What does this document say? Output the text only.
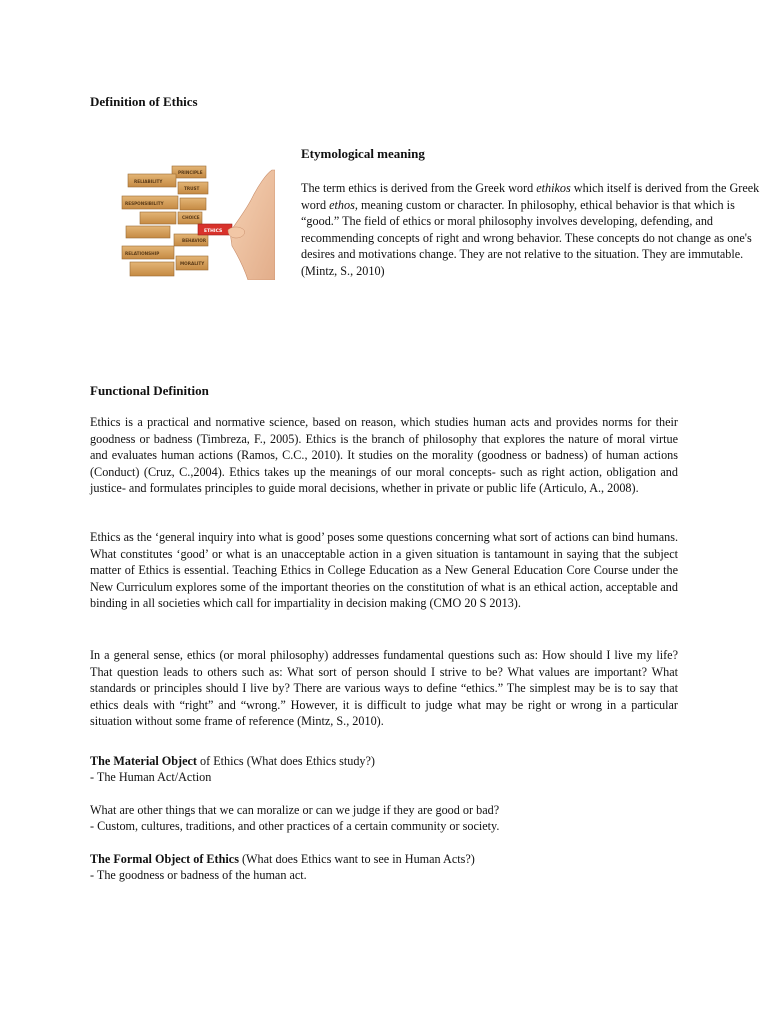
Definition of Ethics
Etymological meaning
RELIABILITY
PRINCIPLE
TRUST
RESPONSIBILITY
CHOICE
BEHAVIOR
RELATIONSHIP
MORALITY
ETHICS
The term ethics is derived from the Greek word ethikos which itself is derived from the Greek
word ethos, meaning custom or character. In philosophy, ethical behavior is that which is
“good.” The field of ethics or moral philosophy involves developing, defending, and
recommending concepts of right and wrong behavior. These concepts do not change as one's
desires and motivations change. They are not relative to the situation. They are immutable.
(Mintz, S., 2010)
Functional Definition
Ethics is a practical and normative science, based on reason, which studies human acts and provides norms for their goodness or badness (Timbreza, F., 2005). Ethics is the branch of philosophy that explores the nature of moral virtue and evaluates human actions (Ramos, C.C., 2010). It studies on the morality (goodness or badness) of human actions (Conduct) (Cruz, C.,2004). Ethics takes up the meanings of our moral concepts- such as right action, obligation and justice- and formulates principles to guide moral decisions, whether in private or public life (Articulo, A., 2008).
Ethics as the ‘general inquiry into what is good’ poses some questions concerning what sort of actions can bind humans. What constitutes ‘good’ or what is an unacceptable action in a given situation is tantamount in saying that the subject matter of Ethics is essential. Teaching Ethics in College Education as a New General Education Core Course under the New Curriculum explores some of the important theories on the constitution of what is an ethical action, acceptable and binding in all societies which call for impartiality in decision making (CMO 20 S 2013).
In a general sense, ethics (or moral philosophy) addresses fundamental questions such as: How should I live my life? That question leads to others such as: What sort of person should I strive to be? What values are important? What standards or principles should I live by? There are various ways to define “ethics.” The simplest may be is to say that ethics deals with “right” and “wrong.” However, it is difficult to judge what may be right or wrong in a particular situation without some frame of reference (Mintz, S., 2010).
The Material Object of Ethics (What does Ethics study?)
- The Human Act/Action
What are other things that we can moralize or can we judge if they are good or bad?
- Custom, cultures, traditions, and other practices of a certain community or society.
The Formal Object of Ethics (What does Ethics want to see in Human Acts?)
- The goodness or badness of the human act.
